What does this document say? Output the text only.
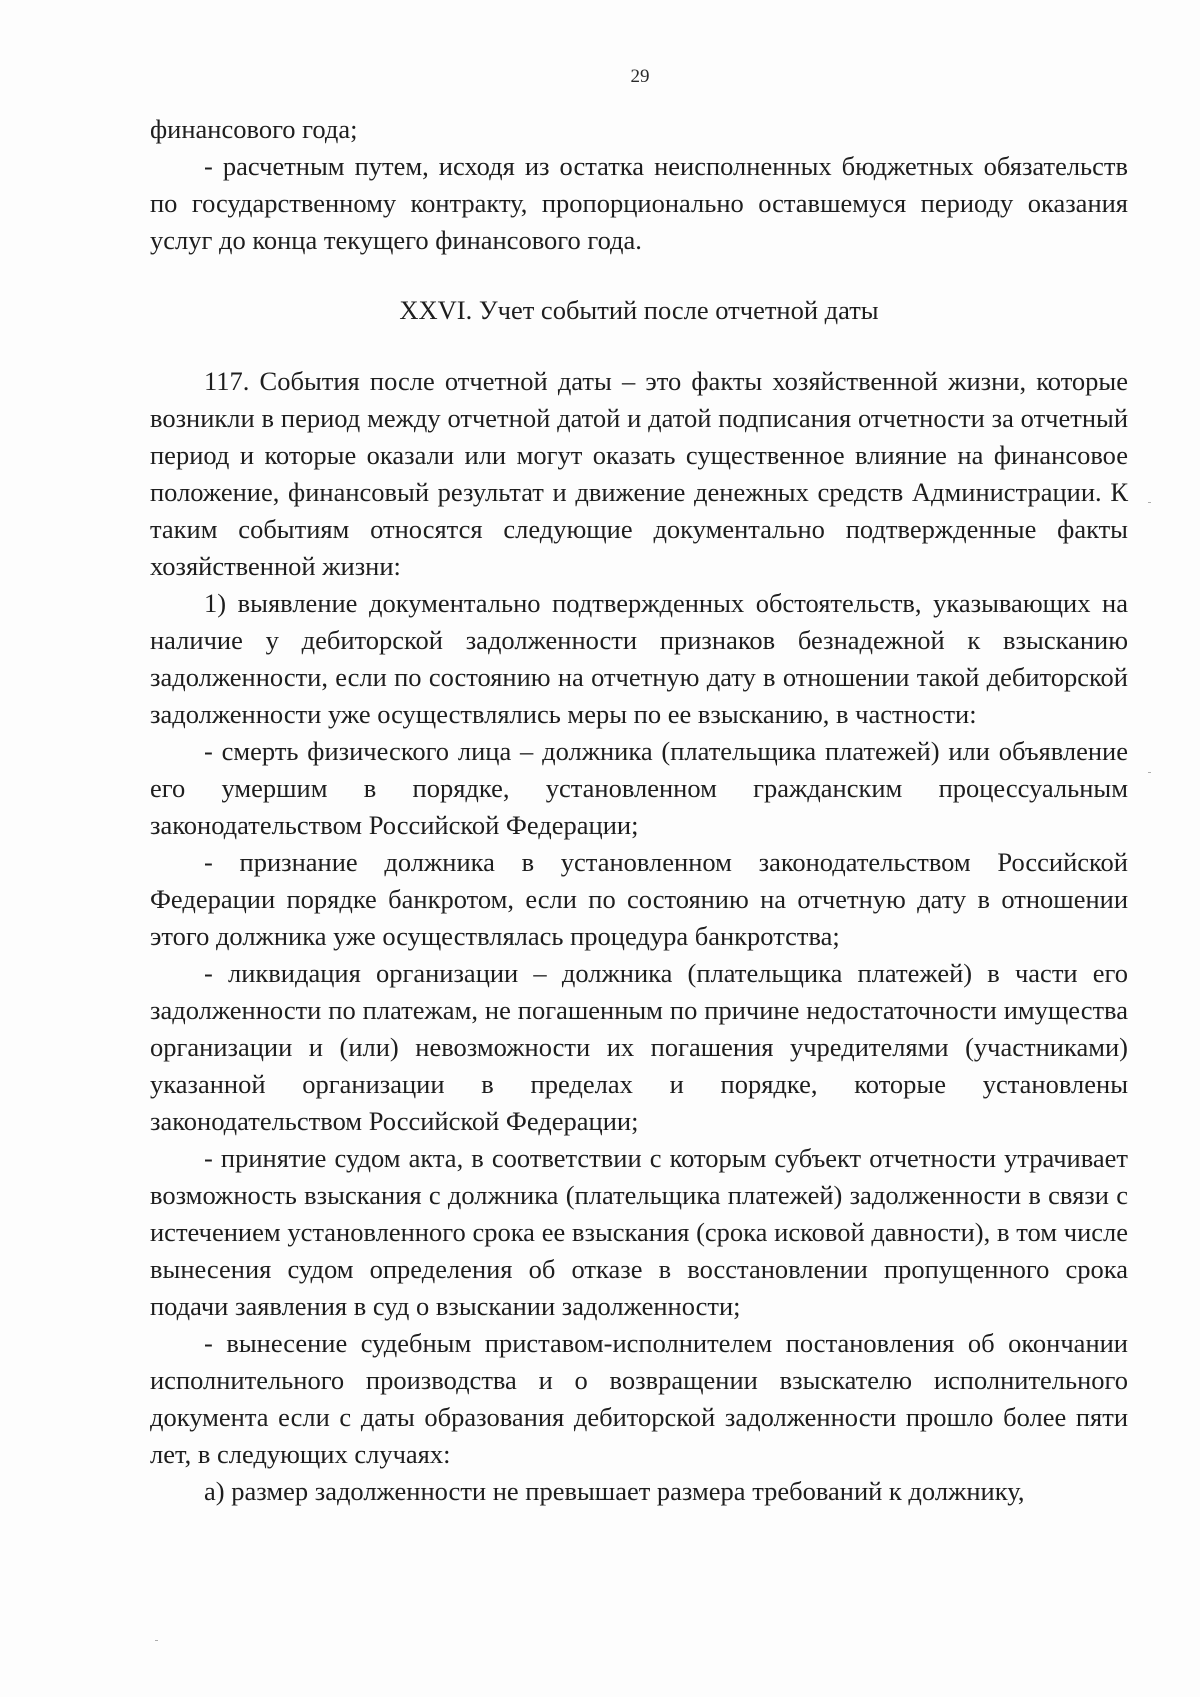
29

финансового года;

- расчетным путем, исходя из остатка неисполненных бюджетных обязательств по государственному контракту, пропорционально оставшемуся периоду оказания услуг до конца текущего финансового года.

XXVI. Учет событий после отчетной даты

117. События после отчетной даты – это факты хозяйственной жизни, которые возникли в период между отчетной датой и датой подписания отчетности за отчетный период и которые оказали или могут оказать существенное влияние на финансовое положение, финансовый результат и движение денежных средств Администрации. К таким событиям относятся следующие документально подтвержденные факты хозяйственной жизни:

1) выявление документально подтвержденных обстоятельств, указывающих на наличие у дебиторской задолженности признаков безнадежной к взысканию задолженности, если по состоянию на отчетную дату в отношении такой дебиторской задолженности уже осуществлялись меры по ее взысканию, в частности:

- смерть физического лица – должника (плательщика платежей) или объявление его умершим в порядке, установленном гражданским процессуальным законодательством Российской Федерации;

- признание должника в установленном законодательством Российской Федерации порядке банкротом, если по состоянию на отчетную дату в отношении этого должника уже осуществлялась процедура банкротства;

- ликвидация организации – должника (плательщика платежей) в части его задолженности по платежам, не погашенным по причине недостаточности имущества организации и (или) невозможности их погашения учредителями (участниками) указанной организации в пределах и порядке, которые установлены законодательством Российской Федерации;

- принятие судом акта, в соответствии с которым субъект отчетности утрачивает возможность взыскания с должника (плательщика платежей) задолженности в связи с истечением установленного срока ее взыскания (срока исковой давности), в том числе вынесения судом определения об отказе в восстановлении пропущенного срока подачи заявления в суд о взыскании задолженности;

- вынесение судебным приставом-исполнителем постановления об окончании исполнительного производства и о возвращении взыскателю исполнительного документа если с даты образования дебиторской задолженности прошло более пяти лет, в следующих случаях:

а) размер задолженности не превышает размера требований к должнику,
